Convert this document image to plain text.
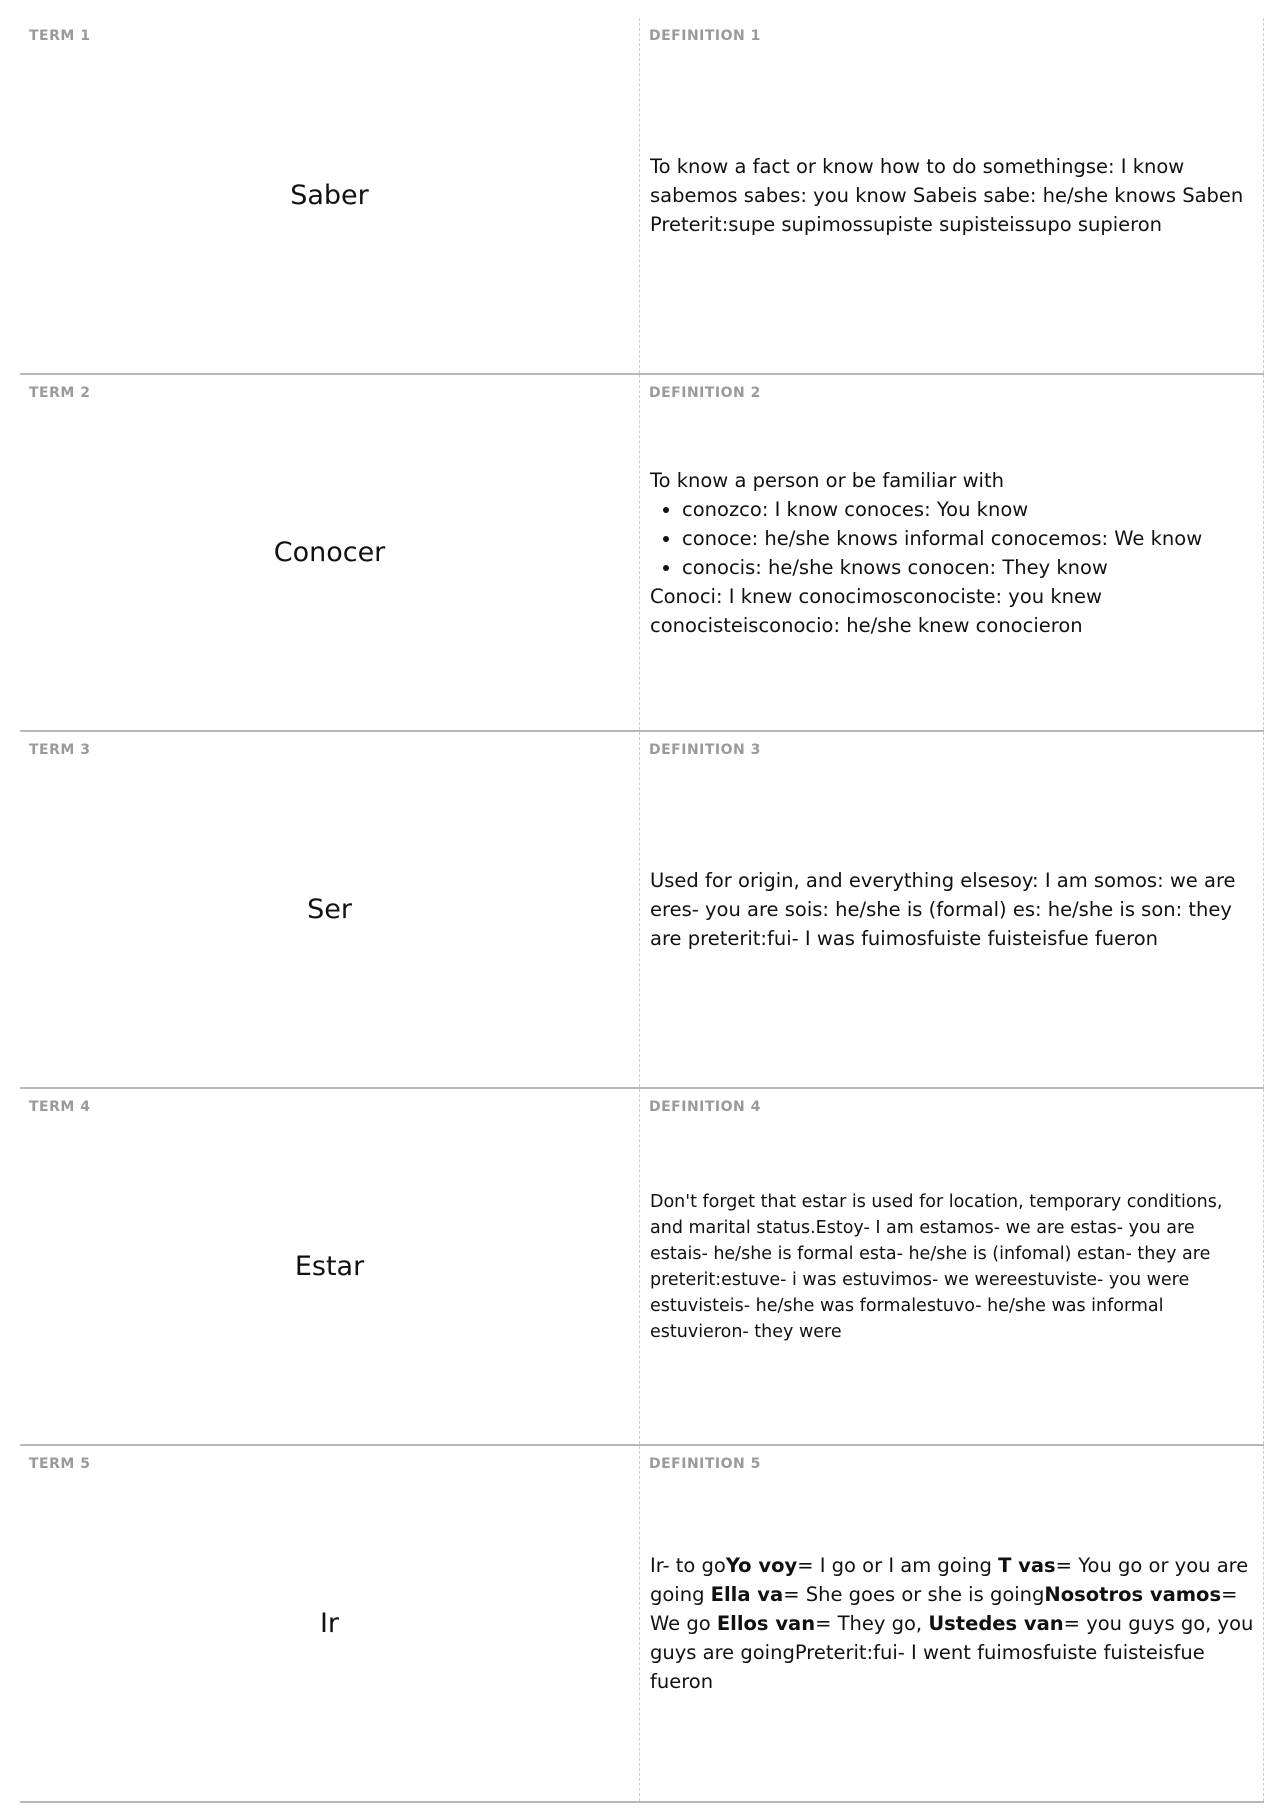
TERM 1
Saber
DEFINITION 1

To know a fact or know how to do somethingse: I know sabemos sabes: you know Sabeis sabe: he/she knows Saben Preterit:supe supimossupiste supisteissupo supieron

TERM 2
Conocer
DEFINITION 2

To know a person or be familiar with

• conozco: I know conoces: You know
• conoce: he/she knows informal conocemos: We know
• conocis: he/she knows conocen: They know

Conoci: I knew conocimosconociste: you knew conocisteisconocio: he/she knew conocieron

TERM 3
Ser
DEFINITION 3

Used for origin, and everything elsesoy: I am somos: we are eres- you are sois: he/she is (formal) es: he/she is son: they are preterit:fui- I was fuimosfuiste fuisteisfue fueron

TERM 4
Estar
DEFINITION 4

Don't forget that estar is used for location, temporary conditions, and marital status.Estoy- I am estamos- we are estas- you are estais- he/she is formal esta- he/she is (infomal) estan- they are preterit:estuve- i was estuvimos- we wereestuviste- you were estuvisteis- he/she was formalestuvo- he/she was informal estuvieron- they were

TERM 5
Ir
DEFINITION 5

Ir- to goYo voy= I go or I am going T vas= You go or you are going Ella va= She goes or she is goingNosotros vamos= We go Ellos van= They go, Ustedes van= you guys go, you guys are goingPreterit:fui- I went fuimosfuiste fuisteisfue fueron
